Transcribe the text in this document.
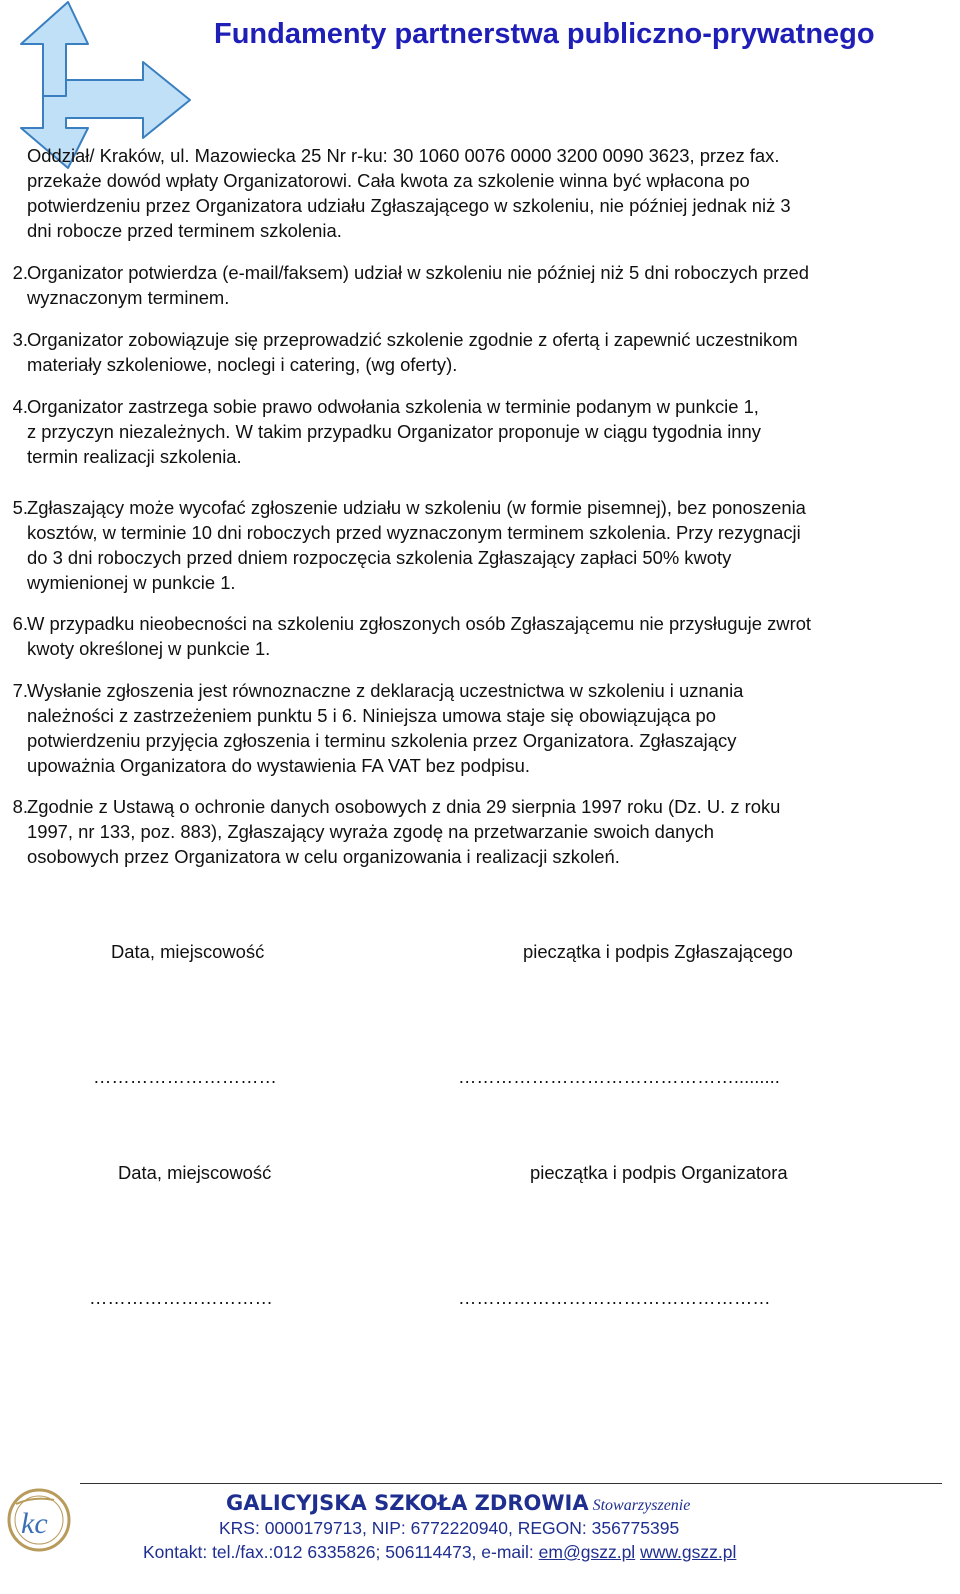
Fundamenty partnerstwa publiczno-prywatnego
Oddział/ Kraków, ul. Mazowiecka 25 Nr r-ku: 30 1060 0076 0000 3200 0090 3623, przez fax.
przekaże dowód wpłaty Organizatorowi. Cała kwota za szkolenie winna być wpłacona po
potwierdzeniu przez Organizatora udziału Zgłaszającego w szkoleniu, nie później jednak niż 3
dni robocze przed terminem szkolenia.
2. Organizator potwierdza (e-mail/faksem) udział w szkoleniu nie później niż 5 dni roboczych przed
wyznaczonym terminem.
3. Organizator zobowiązuje się przeprowadzić szkolenie zgodnie z ofertą i zapewnić uczestnikom
materiały szkoleniowe, noclegi i catering, (wg oferty).
4. Organizator zastrzega sobie prawo odwołania szkolenia w terminie podanym w punkcie 1,
z przyczyn niezależnych. W takim przypadku Organizator proponuje w ciągu tygodnia inny
termin realizacji szkolenia.
5. Zgłaszający może wycofać zgłoszenie udziału w szkoleniu (w formie pisemnej), bez ponoszenia
kosztów, w terminie 10 dni roboczych przed wyznaczonym terminem szkolenia. Przy rezygnacji
do 3 dni roboczych przed dniem rozpoczęcia szkolenia Zgłaszający zapłaci 50% kwoty
wymienionej w punkcie 1.
6. W przypadku nieobecności na szkoleniu zgłoszonych osób Zgłaszającemu nie przysługuje zwrot
kwoty określonej w punkcie 1.
7. Wysłanie zgłoszenia jest równoznaczne z deklaracją uczestnictwa w szkoleniu i uznania
należności z zastrzeżeniem punktu 5 i 6. Niniejsza umowa staje się obowiązująca po
potwierdzeniu przyjęcia zgłoszenia i terminu szkolenia przez Organizatora. Zgłaszający
upoważnia Organizatora do wystawienia FA VAT bez podpisu.
8. Zgodnie z Ustawą o ochronie danych osobowych z dnia 29 sierpnia 1997 roku (Dz. U. z roku
1997, nr 133, poz. 883), Zgłaszający wyraża zgodę na przetwarzanie swoich danych
osobowych przez Organizatora w celu organizowania i realizacji szkoleń.
Data, miejscowość	pieczątka i podpis Zgłaszającego
…………………………	……………………………………….........
Data, miejscowość	pieczątka i podpis Organizatora
…………………………	……………………………………………
kc
GALICYJSKA SZKOŁA ZDROWIA Stowarzyszenie
KRS: 0000179713, NIP: 6772220940, REGON: 356775395
Kontakt: tel./fax.:012 6335826; 506114473, e-mail: em@gszz.pl www.gszz.pl
